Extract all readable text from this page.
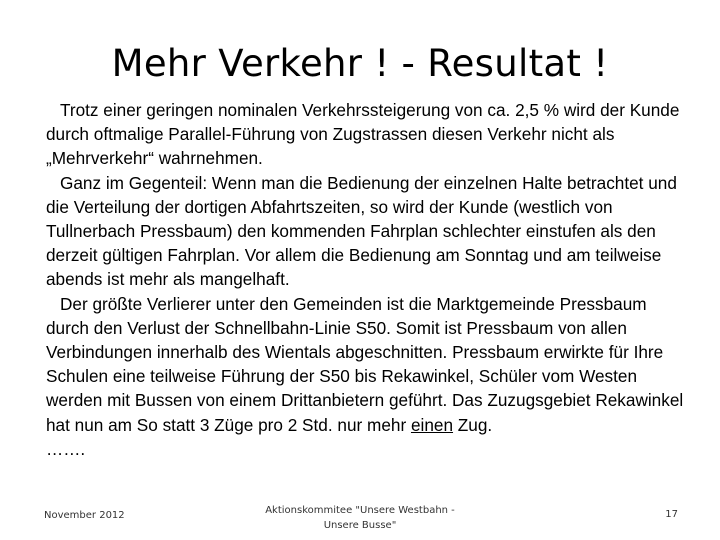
Mehr Verkehr ! - Resultat !

Trotz einer geringen nominalen Verkehrssteigerung von ca. 2,5 % wird der Kunde durch oftmalige Parallel-Führung von Zugstrassen diesen Verkehr nicht als „Mehrverkehr“ wahrnehmen.

Ganz im Gegenteil: Wenn man die Bedienung der einzelnen Halte betrachtet und die Verteilung der dortigen Abfahrtszeiten, so wird der Kunde (westlich von Tullnerbach Pressbaum) den kommenden Fahrplan schlechter einstufen als den derzeit gültigen Fahrplan. Vor allem die Bedienung am Sonntag und am teilweise abends ist mehr als mangelhaft.

Der größte Verlierer unter den Gemeinden ist die Marktgemeinde Pressbaum durch den Verlust der Schnellbahn-Linie S50. Somit ist Pressbaum von allen Verbindungen innerhalb des Wientals abgeschnitten. Pressbaum erwirkte für Ihre Schulen eine teilweise Führung der S50 bis Rekawinkel, Schüler vom Westen werden mit Bussen von einem Drittanbietern geführt. Das Zuzugsgebiet Rekawinkel hat nun am So statt 3 Züge pro 2 Std. nur mehr einen Zug.

…….

November 2012	Aktionskommitee "Unsere Westbahn - Unsere Busse"
17
